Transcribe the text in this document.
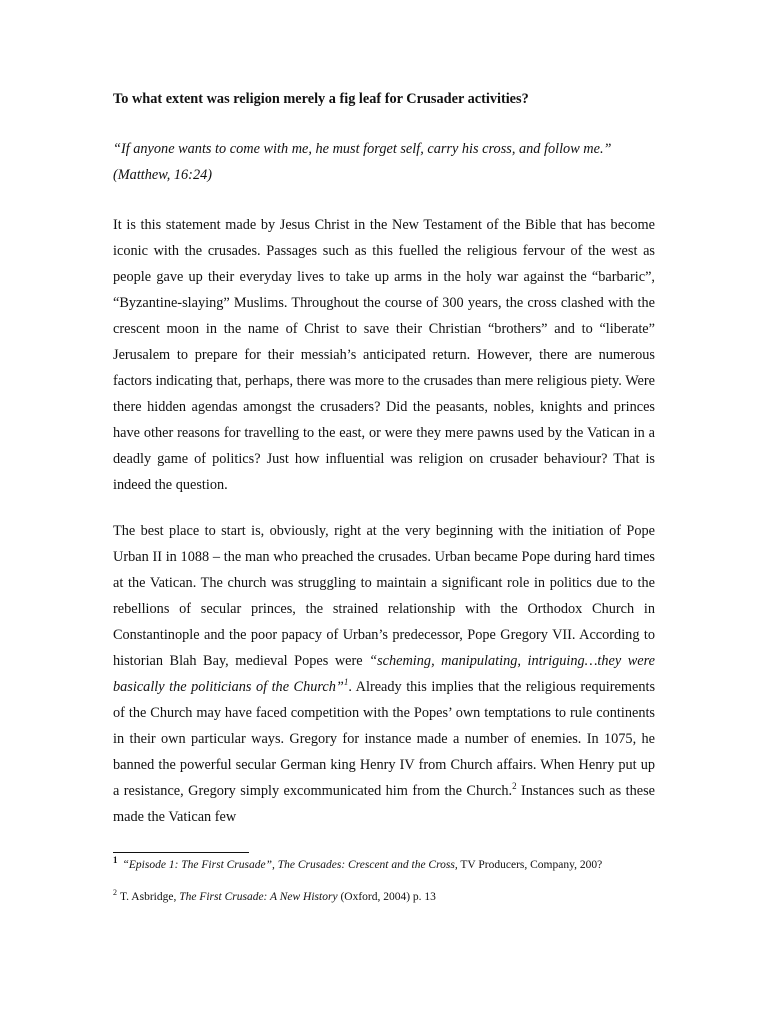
To what extent was religion merely a fig leaf for Crusader activities?

“If anyone wants to come with me, he must forget self, carry his cross, and follow me.”
(Matthew, 16:24)

It is this statement made by Jesus Christ in the New Testament of the Bible that has become iconic with the crusades. Passages such as this fuelled the religious fervour of the west as people gave up their everyday lives to take up arms in the holy war against the “barbaric”, “Byzantine-slaying” Muslims. Throughout the course of 300 years, the cross clashed with the crescent moon in the name of Christ to save their Christian “brothers” and to “liberate” Jerusalem to prepare for their messiah’s anticipated return. However, there are numerous factors indicating that, perhaps, there was more to the crusades than mere religious piety. Were there hidden agendas amongst the crusaders? Did the peasants, nobles, knights and princes have other reasons for travelling to the east, or were they mere pawns used by the Vatican in a deadly game of politics? Just how influential was religion on crusader behaviour? That is indeed the question.

The best place to start is, obviously, right at the very beginning with the initiation of Pope Urban II in 1088 – the man who preached the crusades. Urban became Pope during hard times at the Vatican. The church was struggling to maintain a significant role in politics due to the rebellions of secular princes, the strained relationship with the Orthodox Church in Constantinople and the poor papacy of Urban’s predecessor, Pope Gregory VII. According to historian Blah Bay, medieval Popes were “scheming, manipulating, intriguing…they were basically the politicians of the Church”$^1$. Already this implies that the religious requirements of the Church may have faced competition with the Popes’ own temptations to rule continents in their own particular ways. Gregory for instance made a number of enemies. In 1075, he banned the powerful secular German king Henry IV from Church affairs. When Henry put up a resistance, Gregory simply excommunicated him from the Church.$^2$ Instances such as these made the Vatican few

$^1$ “Episode 1: The First Crusade”, The Crusades: Crescent and the Cross, TV Producers, Company, 200?
$^2$ T. Asbridge, The First Crusade: A New History (Oxford, 2004) p. 13
